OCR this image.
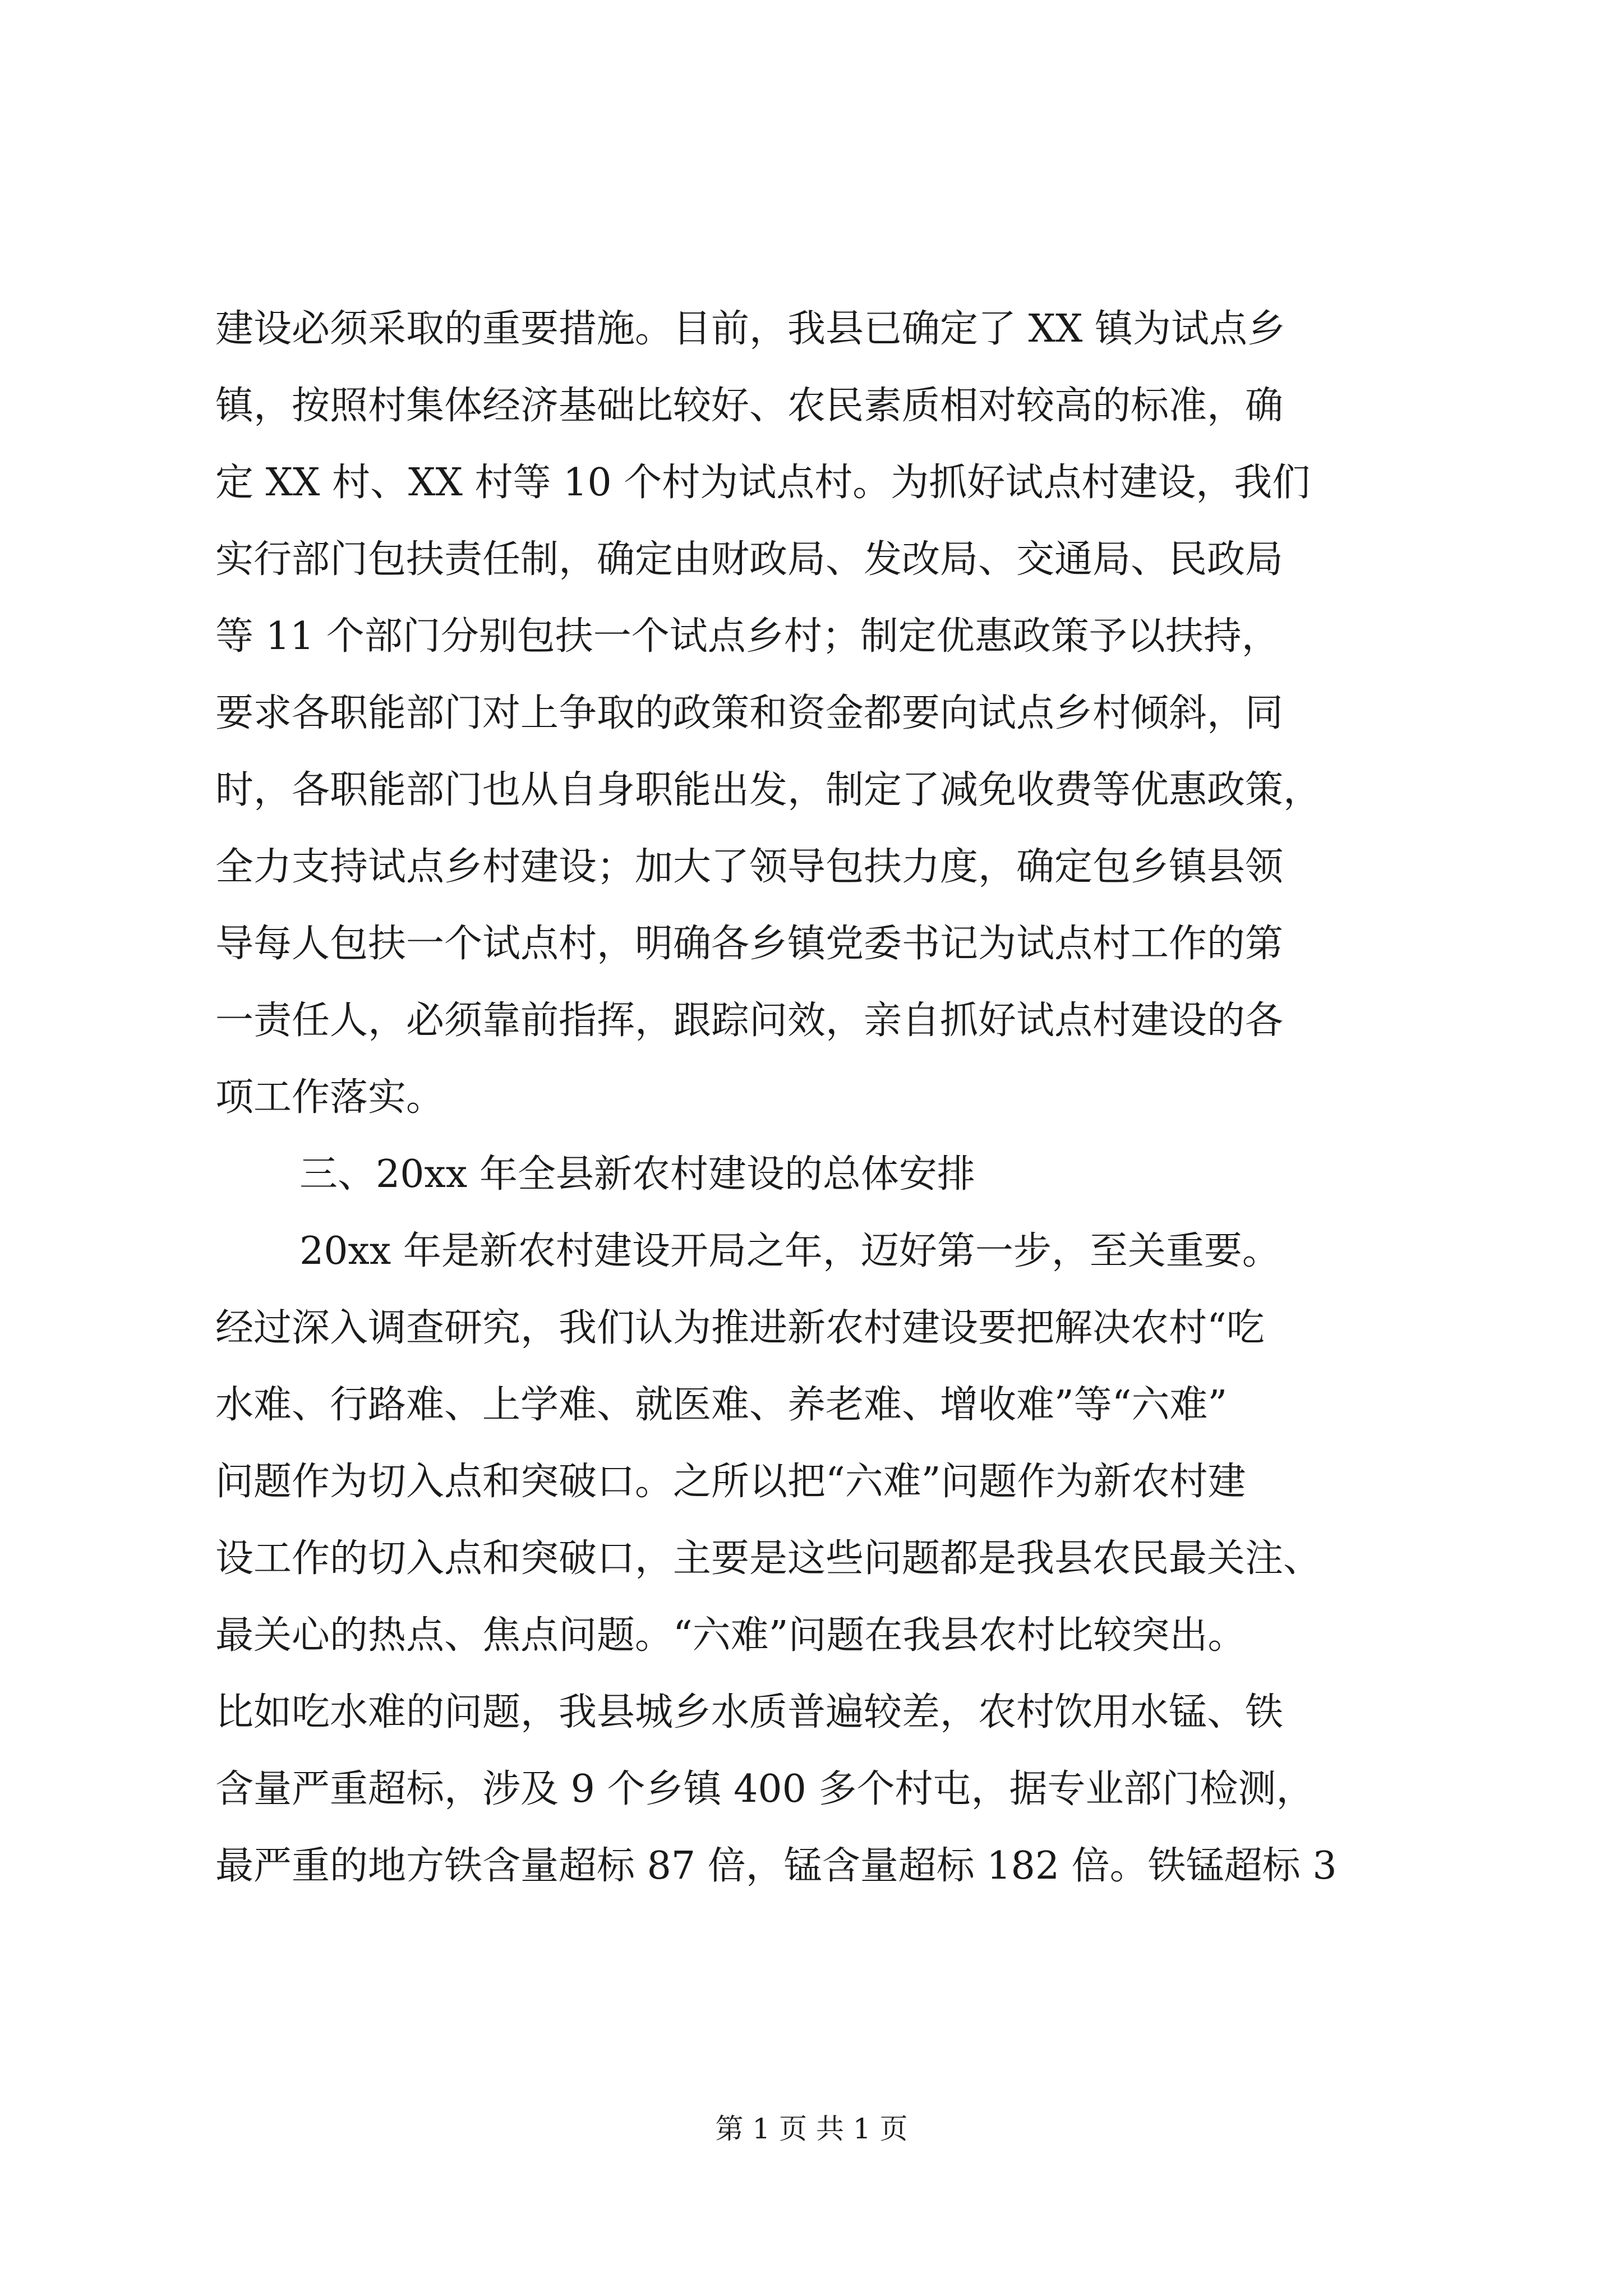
建设必须采取的重要措施。目前，我县已确定了 XX 镇为试点乡
镇，按照村集体经济基础比较好、农民素质相对较高的标准，确
定 XX 村、XX 村等 10 个村为试点村。为抓好试点村建设，我们
实行部门包扶责任制，确定由财政局、发改局、交通局、民政局
等 11 个部门分别包扶一个试点乡村；制定优惠政策予以扶持，
要求各职能部门对上争取的政策和资金都要向试点乡村倾斜，同
时，各职能部门也从自身职能出发，制定了减免收费等优惠政策，
全力支持试点乡村建设；加大了领导包扶力度，确定包乡镇县领
导每人包扶一个试点村，明确各乡镇党委书记为试点村工作的第
一责任人，必须靠前指挥，跟踪问效，亲自抓好试点村建设的各
项工作落实。
三、20xx 年全县新农村建设的总体安排
20xx 年是新农村建设开局之年，迈好第一步，至关重要。
经过深入调查研究，我们认为推进新农村建设要把解决农村“吃
水难、行路难、上学难、就医难、养老难、增收难”等“六难”
问题作为切入点和突破口。之所以把“六难”问题作为新农村建
设工作的切入点和突破口，主要是这些问题都是我县农民最关注、
最关心的热点、焦点问题。“六难”问题在我县农村比较突出。
比如吃水难的问题，我县城乡水质普遍较差，农村饮用水锰、铁
含量严重超标，涉及 9 个乡镇 400 多个村屯，据专业部门检测，
最严重的地方铁含量超标 87 倍，锰含量超标 182 倍。铁锰超标 3
第 1 页 共 1 页
